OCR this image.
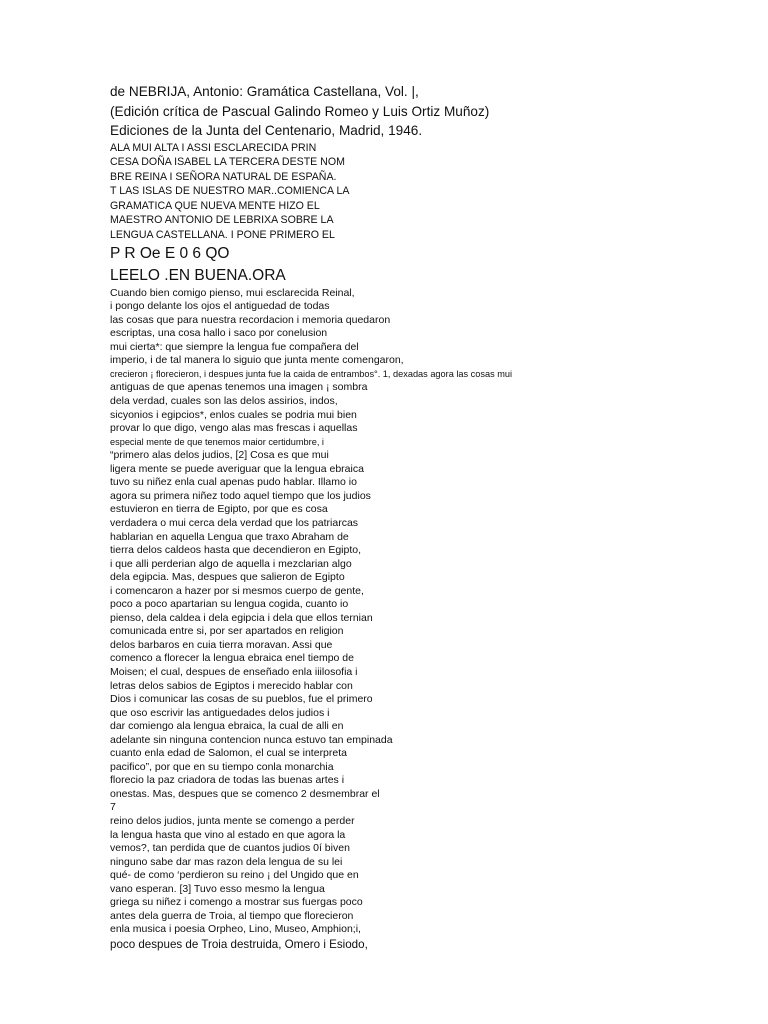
de NEBRIJA, Antonio: Gramática Castellana, Vol. |,
(Edición crítica de Pascual Galindo Romeo y Luis Ortiz Muñoz)
Ediciones de la Junta del Centenario, Madrid, 1946.
ALA MUI ALTA I ASSI ESCLARECIDA PRIN
CESA DOÑA ISABEL LA TERCERA DESTE NOM
BRE REINA I SEÑORA NATURAL DE ESPAÑA.
T LAS ISLAS DE NUESTRO MAR..COMIENCA LA
GRAMATICA QUE NUEVA MENTE HIZO EL
MAESTRO ANTONIO DE LEBRIXA SOBRE LA
LENGUA CASTELLANA. I PONE PRIMERO EL
P R Oe E 0 6 QO
LEELO .EN BUENA.ORA
Cuando bien comigo pienso, mui esclarecida Reinal,
i pongo delante los ojos el antiguedad de todas
las cosas que para nuestra recordacion i memoria quedaron
escriptas, una cosa hallo i saco por conelusion
mui cierta*: que siempre la lengua fue compañera del
imperio, i de tal manera lo siguio que junta mente comengaron,
crecieron ¡ florecieron, i despues junta fue la caida de entrambos°. 1, dexadas agora las cosas mui
antiguas de que apenas tenemos una imagen ¡ sombra
dela verdad, cuales son las delos assirios, indos,
sicyonios i egipcios*, enlos cuales se podria mui bien
provar lo que digo, vengo alas mas frescas i aquellas
especial mente de que tenemos maior certidumbre, i
“primero alas delos judios, [2] Cosa es que mui
ligera mente se puede averiguar que la lengua ebraica
tuvo su niñez enla cual apenas pudo hablar. Illamo io
agora su primera niñez todo aquel tiempo que los judios
estuvieron en tierra de Egipto, por que es cosa
verdadera o mui cerca dela verdad que los patriarcas
hablarian en aquella Lengua que traxo Abraham de
tierra delos caldeos hasta que decendieron en Egipto,
i que alli perderian algo de aquella i mezclarian algo
dela egipcia. Mas, despues que salieron de Egipto
i comencaron a hazer por si mesmos cuerpo de gente,
poco a poco apartarian su lengua cogida, cuanto io
pienso, dela caldea i dela egipcia i dela que ellos ternian
comunicada entre si, por ser apartados en religion
delos barbaros en cuia tierra moravan. Assi que
comenco a florecer la lengua ebraica enel tiempo de
Moisen; el cual, despues de enseñado enla iiilosofia i
letras delos sabios de Egiptos i merecido hablar con
Dios i comunicar las cosas de su pueblos, fue el primero
que oso escrivir las antiguedades delos judios i
dar comiengo ala lengua ebraica, la cual de alli en
adelante sin ninguna contencion nunca estuvo tan empinada
cuanto enla edad de Salomon, el cual se interpreta
pacifico”, por que en su tiempo conla monarchia
florecio la paz criadora de todas las buenas artes i
onestas. Mas, despues que se comenco 2 desmembrar el
7
reino delos judios, junta mente se comengo a perder
la lengua hasta que vino al estado en que agora la
vemos?, tan perdida que de cuantos judios 0í biven
ninguno sabe dar mas razon dela lengua de su lei
qué- de como ‘perdieron su reino ¡ del Ungido que en
vano esperan. [3] Tuvo esso mesmo la lengua
griega su niñez i comengo a mostrar sus fuergas poco
antes dela guerra de Troia, al tiempo que florecieron
enla musica i poesia Orpheo, Lino, Museo, Amphion;i,
poco despues de Troia destruida, Omero i Esiodo,
